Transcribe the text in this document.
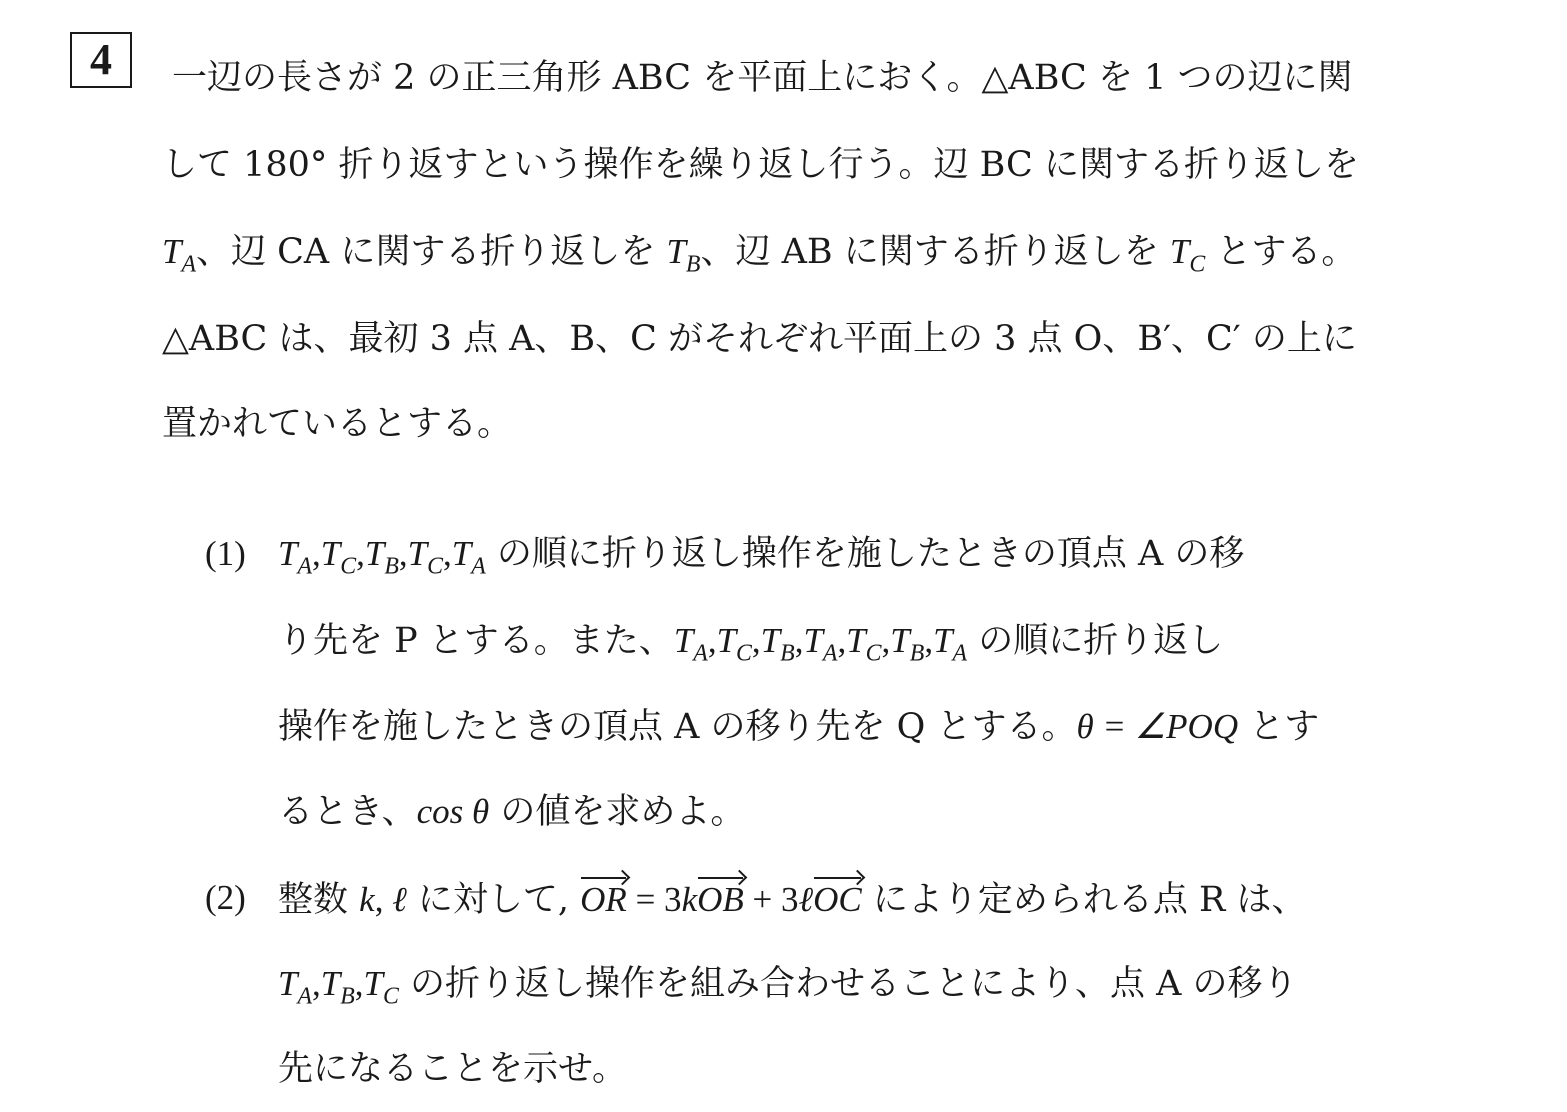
4 一辺の長さが 2 の正三角形 ABC を平面上におく。△ABC を 1 つの辺に関
して 180° 折り返すという操作を繰り返し行う。辺 BC に関する折り返しを
$T_A$、辺 CA に関する折り返しを $T_B$、辺 AB に関する折り返しを $T_C$ とする。
△ABC は、最初 3 点 A、B、C がそれぞれ平面上の 3 点 O、B′、C′ の上に
置かれているとする。
(1) $T_A,T_C,T_B,T_C,T_A$ の順に折り返し操作を施したときの頂点 A の移
り先を P とする。また、$T_A,T_C,T_B,T_A,T_C,T_B,T_A$ の順に折り返し
操作を施したときの頂点 A の移り先を Q とする。θ = ∠POQ とす
るとき、cos θ の値を求めよ。
(2) 整数 k, ℓ に対して, OR = 3kOB + 3ℓOC により定められる点 R は、
$T_A,T_B,T_C$ の折り返し操作を組み合わせることにより、点 A の移り
先になることを示せ。
